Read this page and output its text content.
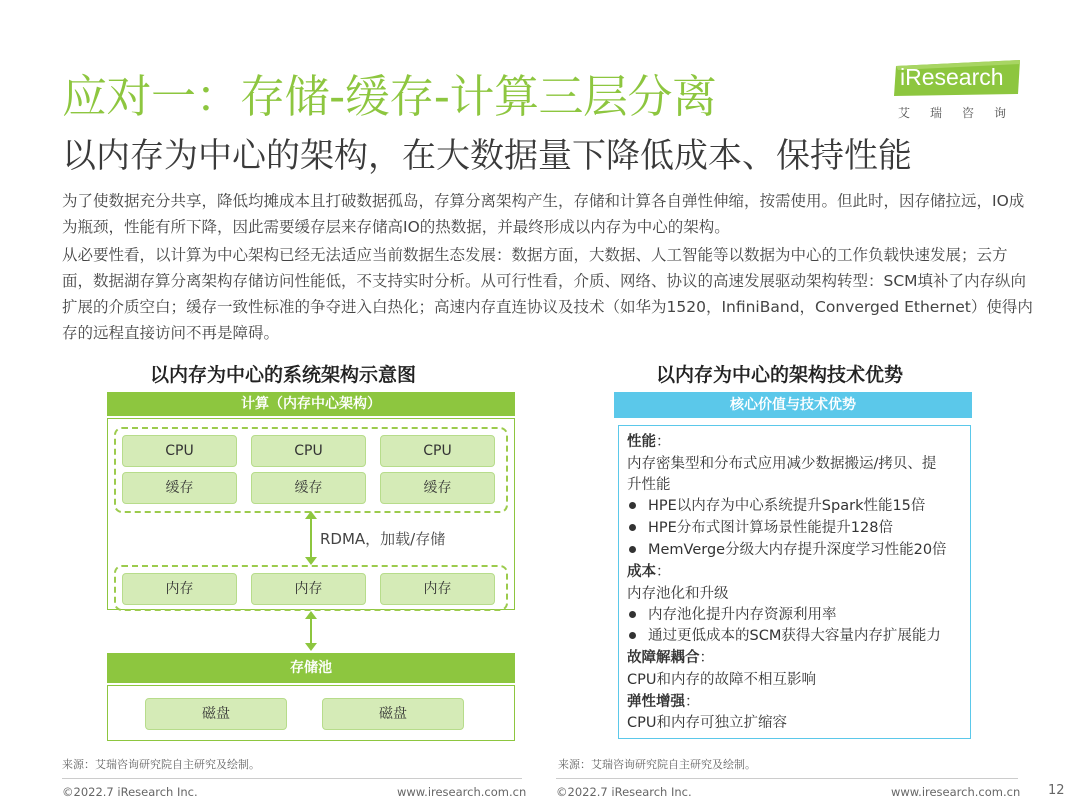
应对一：存储-缓存-计算三层分离
以内存为中心的架构，在大数据量下降低成本、保持性能
iResearch
艾瑞咨询
为了使数据充分共享，降低均摊成本且打破数据孤岛，存算分离架构产生，存储和计算各自弹性伸缩，按需使用。但此时，因存储拉远，IO成为瓶颈，性能有所下降，因此需要缓存层来存储高IO的热数据，并最终形成以内存为中心的架构。
从必要性看，以计算为中心架构已经无法适应当前数据生态发展：数据方面，大数据、人工智能等以数据为中心的工作负载快速发展；云方面，数据湖存算分离架构存储访问性能低，不支持实时分析。从可行性看，介质、网络、协议的高速发展驱动架构转型：SCM填补了内存纵向扩展的介质空白；缓存一致性标准的争夺进入白热化；高速内存直连协议及技术（如华为1520，InfiniBand，Converged Ethernet）使得内存的远程直接访问不再是障碍。
以内存为中心的系统架构示意图
计算（内存中心架构）
CPU	CPU	CPU
缓存	缓存	缓存
RDMA，加载/存储
内存	内存	内存
存储池
磁盘	磁盘
以内存为中心的架构技术优势
核心价值与技术优势
性能：
内存密集型和分布式应用减少数据搬运/拷贝、提
升性能
HPE以内存为中心系统提升Spark性能15倍
HPE分布式图计算场景性能提升128倍
MemVerge分级大内存提升深度学习性能20倍
成本：
内存池化和升级
内存池化提升内存资源利用率
通过更低成本的SCM获得大容量内存扩展能力
故障解耦合：
CPU和内存的故障不相互影响
弹性增强：
CPU和内存可独立扩缩容
来源：艾瑞咨询研究院自主研究及绘制。	来源：艾瑞咨询研究院自主研究及绘制。
©2022.7 iResearch Inc.	www.iresearch.com.cn	©2022.7 iResearch Inc.	www.iresearch.com.cn 12
